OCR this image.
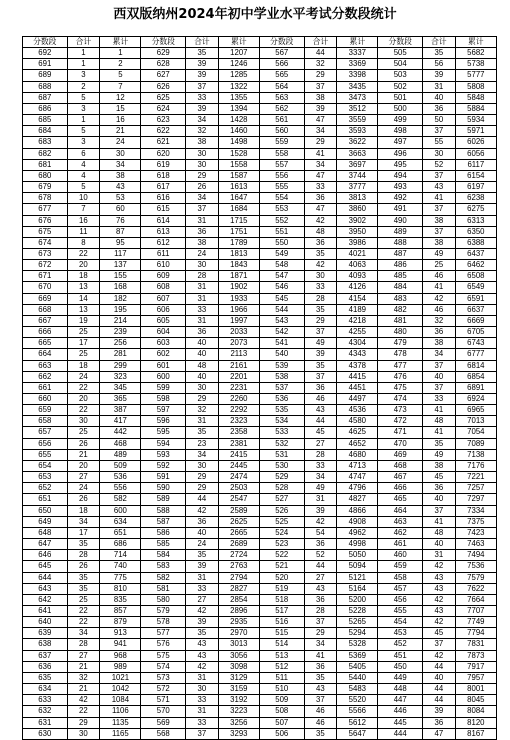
西双版纳州2024年初中学业水平考试分数段统计
分数段	合计	累计	分数段	合计	累计	分数段	合计	累计	分数段	合计	累计
692	1	1	629	35	1207	567	44	3337	505	35	5682
691	1	2	628	39	1246	566	32	3369	504	56	5738
689	3	5	627	39	1285	565	29	3398	503	39	5777
688	2	7	626	37	1322	564	37	3435	502	31	5808
687	5	12	625	33	1355	563	38	3473	501	40	5848
686	3	15	624	39	1394	562	39	3512	500	36	5884
685	1	16	623	34	1428	561	47	3559	499	50	5934
684	5	21	622	32	1460	560	34	3593	498	37	5971
683	3	24	621	38	1498	559	29	3622	497	55	6026
682	6	30	620	30	1528	558	41	3663	496	30	6056
681	4	34	619	30	1558	557	34	3697	495	52	6117
680	4	38	618	29	1587	556	47	3744	494	37	6154
679	5	43	617	26	1613	555	33	3777	493	43	6197
678	10	53	616	34	1647	554	36	3813	492	41	6238
677	7	60	615	37	1684	553	47	3860	491	37	6275
676	16	76	614	31	1715	552	42	3902	490	38	6313
675	11	87	613	36	1751	551	48	3950	489	37	6350
674	8	95	612	38	1789	550	36	3986	488	38	6388
673	22	117	611	24	1813	549	35	4021	487	49	6437
672	20	137	610	30	1843	548	42	4063	486	25	6462
671	18	155	609	28	1871	547	30	4093	485	46	6508
670	13	168	608	31	1902	546	33	4126	484	41	6549
669	14	182	607	31	1933	545	28	4154	483	42	6591
668	13	195	606	33	1966	544	35	4189	482	46	6637
667	19	214	605	31	1997	543	29	4218	481	32	6669
666	25	239	604	36	2033	542	37	4255	480	36	6705
665	17	256	603	40	2073	541	49	4304	479	38	6743
664	25	281	602	40	2113	540	39	4343	478	34	6777
663	18	299	601	48	2161	539	35	4378	477	37	6814
662	24	323	600	40	2201	538	37	4415	476	40	6854
661	22	345	599	30	2231	537	36	4451	475	37	6891
660	20	365	598	29	2260	536	46	4497	474	33	6924
659	22	387	597	32	2292	535	43	4536	473	41	6965
658	30	417	596	31	2323	534	44	4580	472	48	7013
657	25	442	595	35	2358	533	45	4625	471	41	7054
656	26	468	594	23	2381	532	27	4652	470	35	7089
655	21	489	593	34	2415	531	28	4680	469	49	7138
654	20	509	592	30	2445	530	33	4713	468	38	7176
653	27	536	591	29	2474	529	34	4747	467	45	7221
652	24	556	590	29	2503	528	49	4796	466	36	7257
651	26	582	589	44	2547	527	31	4827	465	40	7297
650	18	600	588	42	2589	526	39	4866	464	37	7334
649	34	634	587	36	2625	525	42	4908	463	41	7375
648	17	651	586	40	2665	524	54	4962	462	48	7423
647	35	686	585	24	2689	523	36	4998	461	40	7463
646	28	714	584	35	2724	522	52	5050	460	31	7494
645	26	740	583	39	2763	521	44	5094	459	42	7536
644	35	775	582	31	2794	520	27	5121	458	43	7579
643	35	810	581	33	2827	519	43	5164	457	43	7622
642	25	835	580	27	2854	518	36	5200	456	42	7664
641	22	857	579	42	2896	517	28	5228	455	43	7707
640	22	879	578	39	2935	516	37	5265	454	42	7749
639	34	913	577	35	2970	515	29	5294	453	45	7794
638	28	941	576	43	3013	514	34	5328	452	37	7831
637	27	968	575	43	3056	513	41	5369	451	42	7873
636	21	989	574	42	3098	512	36	5405	450	44	7917
635	32	1021	573	31	3129	511	35	5440	449	40	7957
634	21	1042	572	30	3159	510	43	5483	448	44	8001
633	42	1084	571	33	3192	509	37	5520	447	44	8045
632	22	1106	570	31	3223	508	46	5566	446	39	8084
631	29	1135	569	33	3256	507	46	5612	445	36	8120
630	30	1165	568	37	3293	506	35	5647	444	47	8167
